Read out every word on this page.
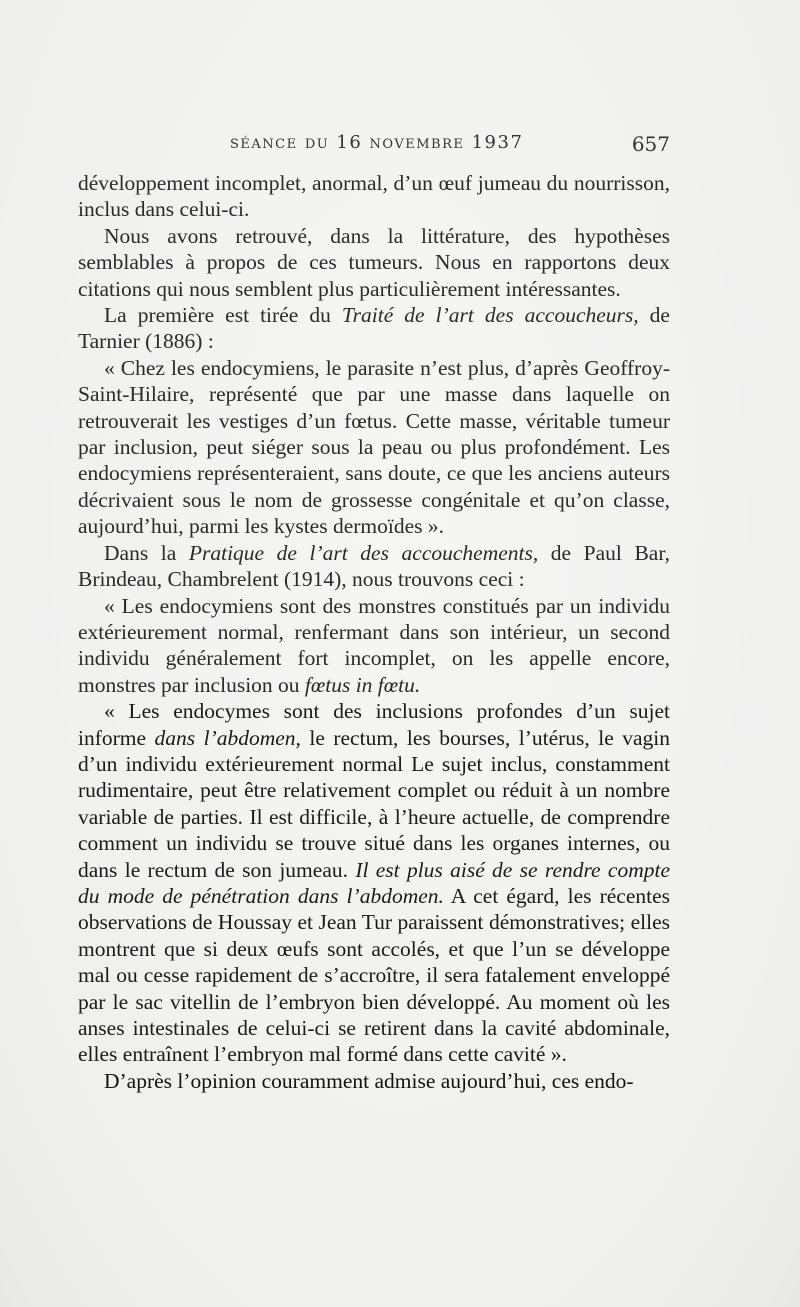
séance du 16 novembre 1937	657

développement incomplet, anormal, d’un œuf jumeau du nourrisson, inclus dans celui-ci.

Nous avons retrouvé, dans la littérature, des hypothèses semblables à propos de ces tumeurs. Nous en rapportons deux citations qui nous semblent plus particulièrement intéressantes.

La première est tirée du Traité de l’art des accoucheurs, de Tarnier (1886) :

« Chez les endocymiens, le parasite n’est plus, d’après Geoffroy-Saint-Hilaire, représenté que par une masse dans laquelle on retrouverait les vestiges d’un fœtus. Cette masse, véritable tumeur par inclusion, peut siéger sous la peau ou plus profondément. Les endocymiens représenteraient, sans doute, ce que les anciens auteurs décrivaient sous le nom de grossesse congénitale et qu’on classe, aujourd’hui, parmi les kystes dermoïdes ».

Dans la Pratique de l’art des accouchements, de Paul Bar, Brindeau, Chambrelent (1914), nous trouvons ceci :

« Les endocymiens sont des monstres constitués par un individu extérieurement normal, renfermant dans son intérieur, un second individu généralement fort incomplet, on les appelle encore, monstres par inclusion ou fœtus in fœtu.

« Les endocymes sont des inclusions profondes d’un sujet informe dans l’abdomen, le rectum, les bourses, l’utérus, le vagin d’un individu extérieurement normal Le sujet inclus, constamment rudimentaire, peut être relativement complet ou réduit à un nombre variable de parties. Il est difficile, à l’heure actuelle, de comprendre comment un individu se trouve situé dans les organes internes, ou dans le rectum de son jumeau. Il est plus aisé de se rendre compte du mode de pénétration dans l’abdomen. A cet égard, les récentes observations de Houssay et Jean Tur paraissent démonstratives; elles montrent que si deux œufs sont accolés, et que l’un se développe mal ou cesse rapidement de s’accroître, il sera fatalement enveloppé par le sac vitellin de l’embryon bien développé. Au moment où les anses intestinales de celui-ci se retirent dans la cavité abdominale, elles entraînent l’embryon mal formé dans cette cavité ».

D’après l’opinion couramment admise aujourd’hui, ces endo-
